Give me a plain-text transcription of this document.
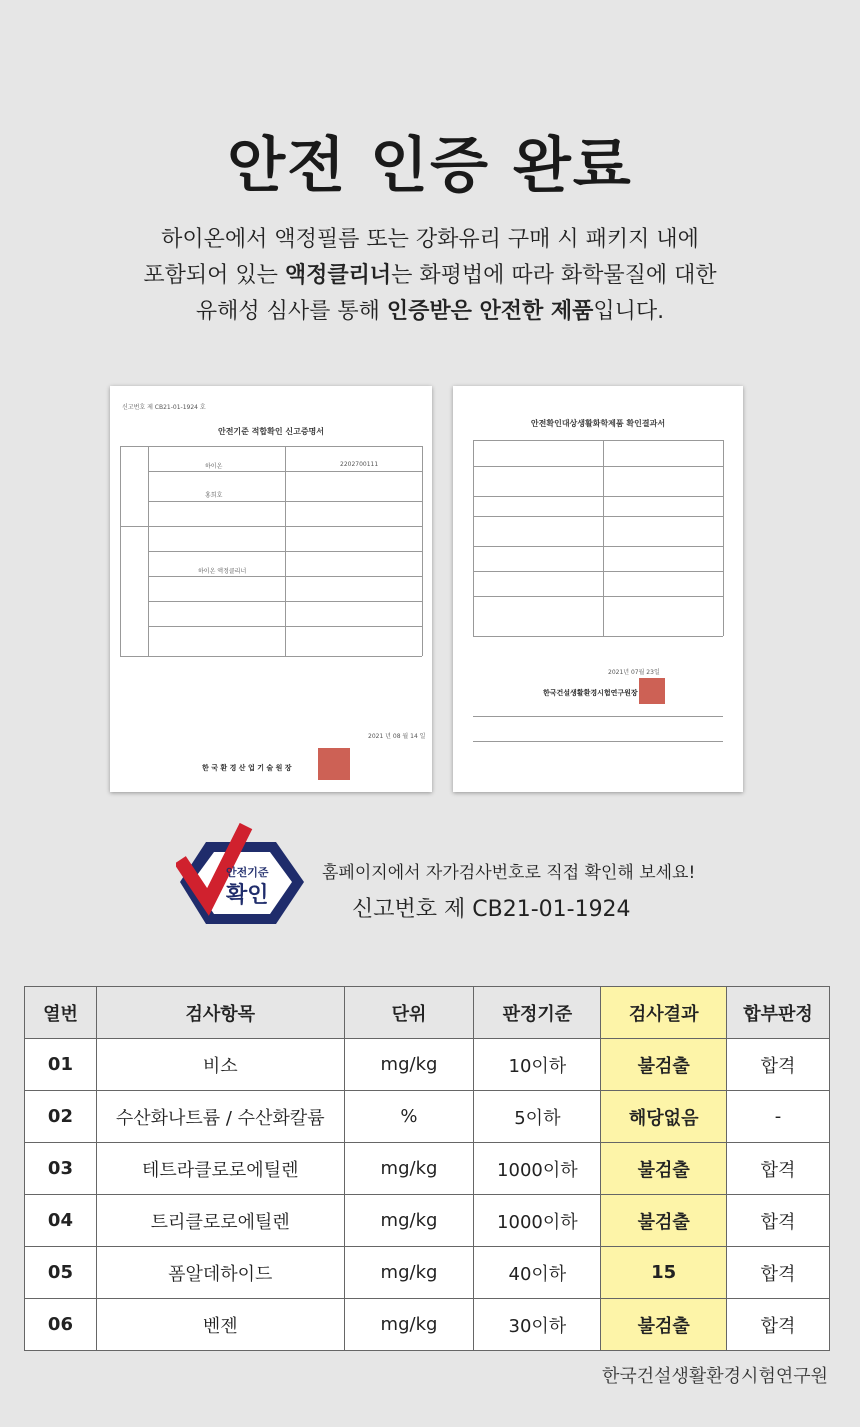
안전 인증 완료
하이온에서 액정필름 또는 강화유리 구매 시 패키지 내에
포함되어 있는 액정클리너는 화평법에 따라 화학물질에 대한
유해성 심사를 통해 인증받은 안전한 제품입니다.
신고번호 제 CB21-01-1924 호
안전기준 적합확인 신고증명서
하이온	2202700111
홍희호
하이온 액정클리너
2021 년 08 월 14 일
한 국 환 경 산 업 기 술 원 장
안전확인대상생활화학제품 확인결과서
2021년 07월 23일
한국건설생활환경시험연구원장
안전기준
확인
홈페이지에서 자가검사번호로 직접 확인해 보세요!
신고번호 제 CB21-01-1924
열번	검사항목	단위	판정기준	검사결과	합부판정
01	비소	mg/kg	10이하	불검출	합격
02	수산화나트륨 / 수산화칼륨	%	5이하	해당없음	-
03	테트라클로로에틸렌	mg/kg	1000이하	불검출	합격
04	트리클로로에틸렌	mg/kg	1000이하	불검출	합격
05	폼알데하이드	mg/kg	40이하	15	합격
06	벤젠	mg/kg	30이하	불검출	합격
한국건설생활환경시험연구원
